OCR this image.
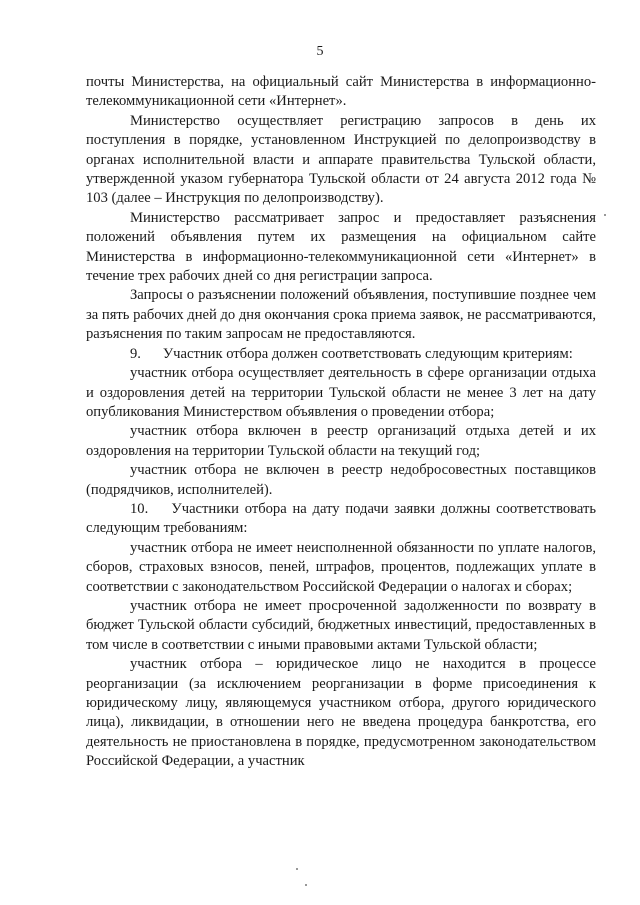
5

почты Министерства, на официальный сайт Министерства в информационно-телекоммуникационной сети «Интернет».

Министерство осуществляет регистрацию запросов в день их поступления в порядке, установленном Инструкцией по делопроизводству в органах исполнительной власти и аппарате правительства Тульской области, утвержденной указом губернатора Тульской области от 24 августа 2012 года № 103 (далее – Инструкция по делопроизводству).

Министерство рассматривает запрос и предоставляет разъяснения положений объявления путем их размещения на официальном сайте Министерства в информационно-телекоммуникационной сети «Интернет» в течение трех рабочих дней со дня регистрации запроса.

Запросы о разъяснении положений объявления, поступившие позднее чем за пять рабочих дней до дня окончания срока приема заявок, не рассматриваются, разъяснения по таким запросам не предоставляются.

9.      Участник отбора должен соответствовать следующим критериям:

участник отбора осуществляет деятельность в сфере организации отдыха и оздоровления детей на территории Тульской области не менее 3 лет на дату опубликования Министерством объявления о проведении отбора;

участник отбора включен в реестр организаций отдыха детей и их оздоровления на территории Тульской области на текущий год;

участник отбора не включен в реестр недобросовестных поставщиков (подрядчиков, исполнителей).

10.    Участники отбора на дату подачи заявки должны соответствовать следующим требованиям:

участник отбора не имеет неисполненной обязанности по уплате налогов, сборов, страховых взносов, пеней, штрафов, процентов, подлежащих уплате в соответствии с законодательством Российской Федерации о налогах и сборах;

участник отбора не имеет просроченной задолженности по возврату в бюджет Тульской области субсидий, бюджетных инвестиций, предоставленных в том числе в соответствии с иными правовыми актами Тульской области;

участник отбора – юридическое лицо не находится в процессе реорганизации (за исключением реорганизации в форме присоединения к юридическому лицу, являющемуся участником отбора, другого юридического лица), ликвидации, в отношении него не введена процедура банкротства, его деятельность не приостановлена в порядке, предусмотренном законодательством Российской Федерации, а участник
